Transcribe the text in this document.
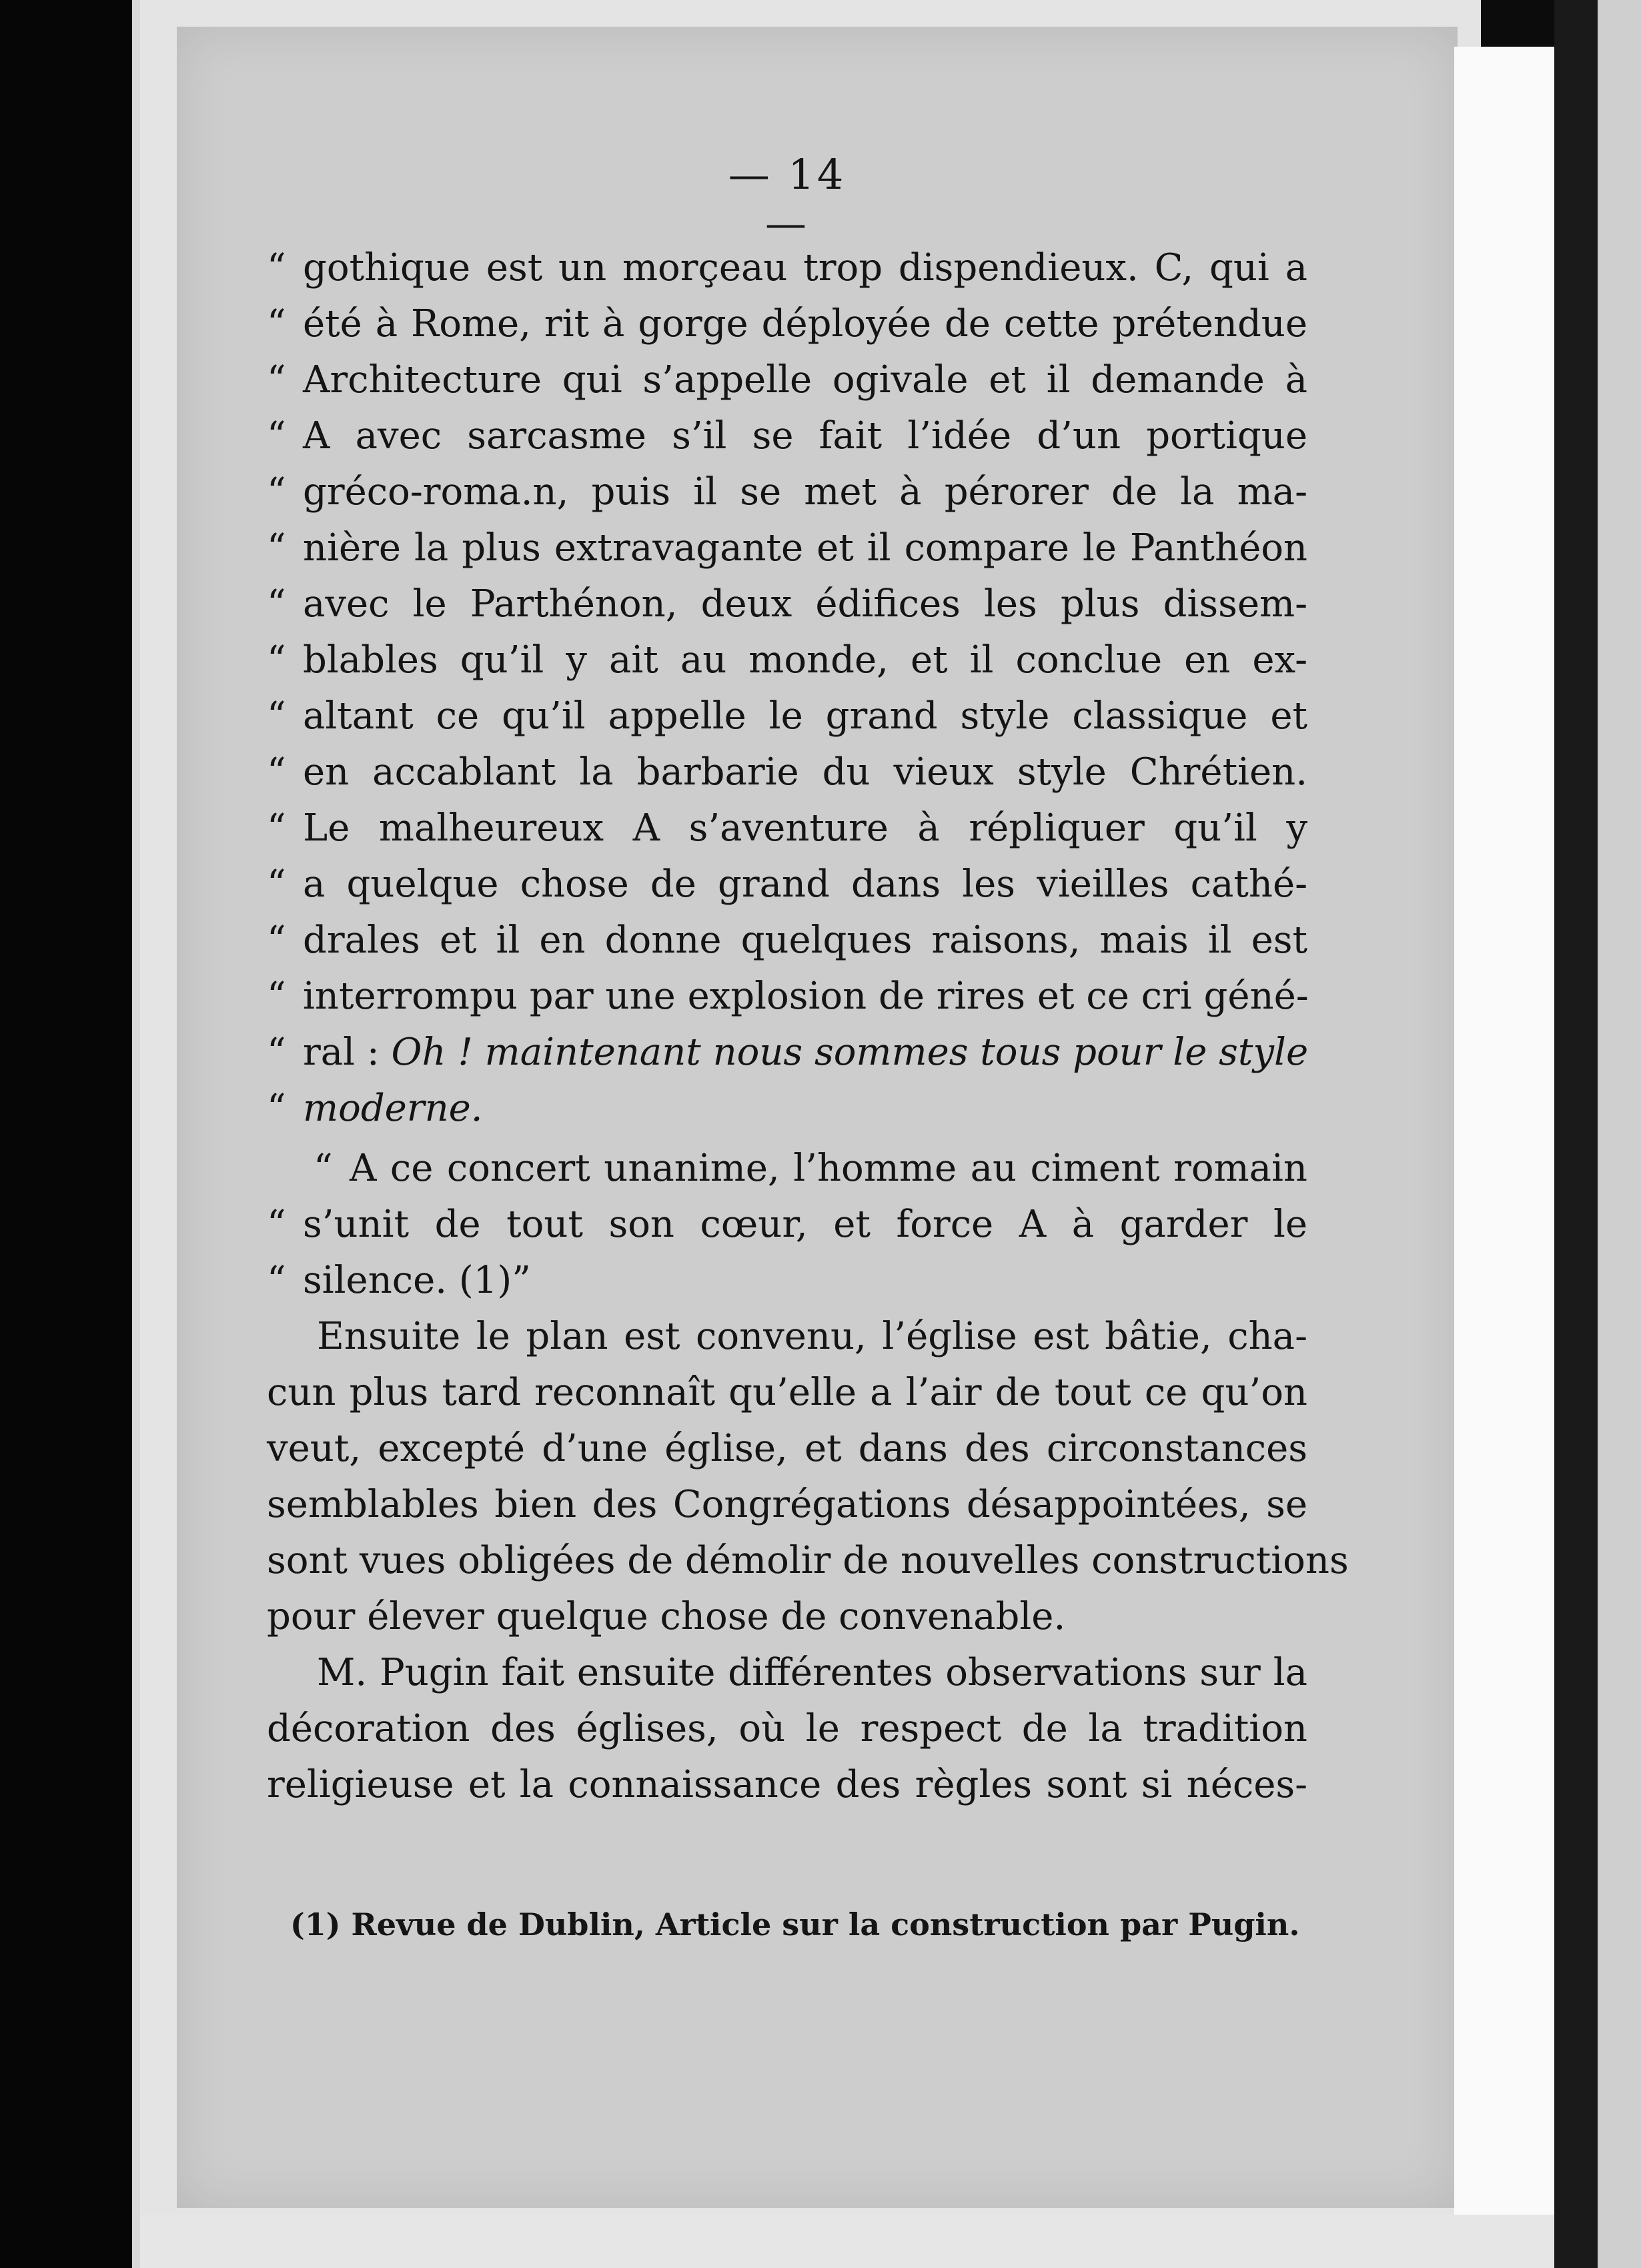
— 14 —
“ gothique est un morçeau trop dispendieux. C, qui a
“ été à Rome, rit à gorge déployée de cette prétendue
“ Architecture qui s’appelle ogivale et il demande à
“ A avec sarcasme s’il se fait l’idée d’un portique
“ gréco-roma.n, puis il se met à pérorer de la ma-
“ nière la plus extravagante et il compare le Panthéon
“ avec le Parthénon, deux édifices les plus dissem-
“ blables qu’il y ait au monde, et il conclue en ex-
“ altant ce qu’il appelle le grand style classique et
“ en accablant la barbarie du vieux style Chrétien.
“ Le malheureux A s’aventure à répliquer qu’il y
“ a quelque chose de grand dans les vieilles cathé-
“ drales et il en donne quelques raisons, mais il est
“ interrompu par une explosion de rires et ce cri géné-
“ ral : Oh ! maintenant nous sommes tous pour le style
“ moderne.
“ A ce concert unanime, l’homme au ciment romain
“ s’unit de tout son cœur, et force A à garder le
“ silence. (1)”
Ensuite le plan est convenu, l’église est bâtie, cha-
cun plus tard reconnaît qu’elle a l’air de tout ce qu’on
veut, excepté d’une église, et dans des circonstances
semblables bien des Congrégations désappointées, se
sont vues obligées de démolir de nouvelles constructions
pour élever quelque chose de convenable.
M. Pugin fait ensuite différentes observations sur la
décoration des églises, où le respect de la tradition
religieuse et la connaissance des règles sont si néces-
(1) Revue de Dublin, Article sur la construction par Pugin.
